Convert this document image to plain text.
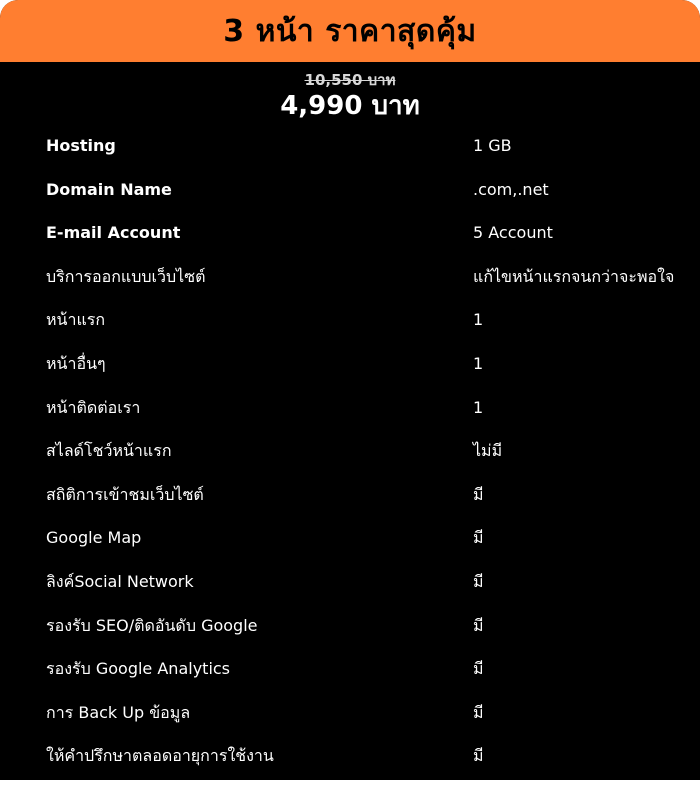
3 หน้า ราคาสุดคุ้ม
10,550 บาท
4,990 บาท
Hosting	1 GB
Domain Name	.com,.net
E-mail Account	5 Account
บริการออกแบบเว็บไซต์	แก้ไขหน้าแรกจนกว่าจะพอใจ
หน้าแรก	1
หน้าอื่นๆ	1
หน้าติดต่อเรา	1
สไลด์โชว์หน้าแรก	ไม่มี
สถิติการเข้าชมเว็บไซต์	มี
Google Map	มี
ลิงค์Social Network	มี
รองรับ SEO/ติดอันดับ Google	มี
รองรับ Google Analytics	มี
การ Back Up ข้อมูล	มี
ให้คำปรึกษาตลอดอายุการใช้งาน	มี
